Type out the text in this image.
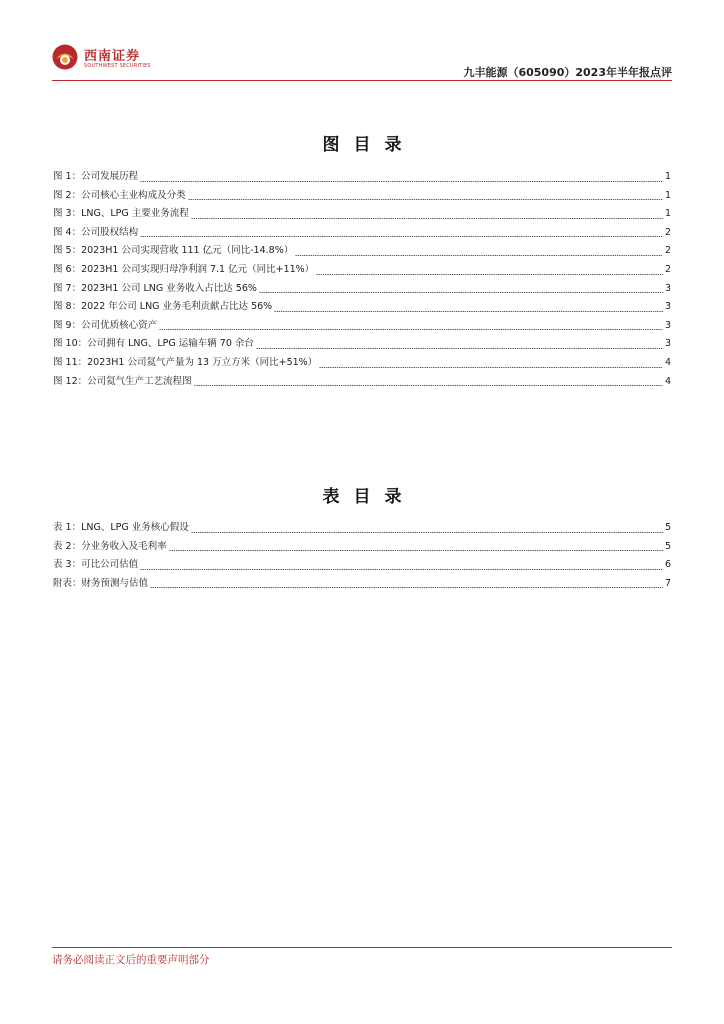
西南证券
SOUTHWEST SECURITIES	九丰能源（605090）2023年半年报点评
图目录
图 1：公司发展历程	1
图 2：公司核心主业构成及分类	1
图 3：LNG、LPG 主要业务流程	1
图 4：公司股权结构	2
图 5：2023H1 公司实现营收 111 亿元（同比-14.8%）	2
图 6：2023H1 公司实现归母净利润 7.1 亿元（同比+11%）	2
图 7：2023H1 公司 LNG 业务收入占比达 56%	3
图 8：2022 年公司 LNG 业务毛利贡献占比达 56%	3
图 9：公司优质核心资产	3
图 10：公司拥有 LNG、LPG 运输车辆 70 余台	3
图 11：2023H1 公司氦气产量为 13 万立方米（同比+51%）	4
图 12：公司氦气生产工艺流程图	4
表目录
表 1：LNG、LPG 业务核心假设	5
表 2：分业务收入及毛利率	5
表 3：可比公司估值	6
附表：财务预测与估值	7
请务必阅读正文后的重要声明部分
